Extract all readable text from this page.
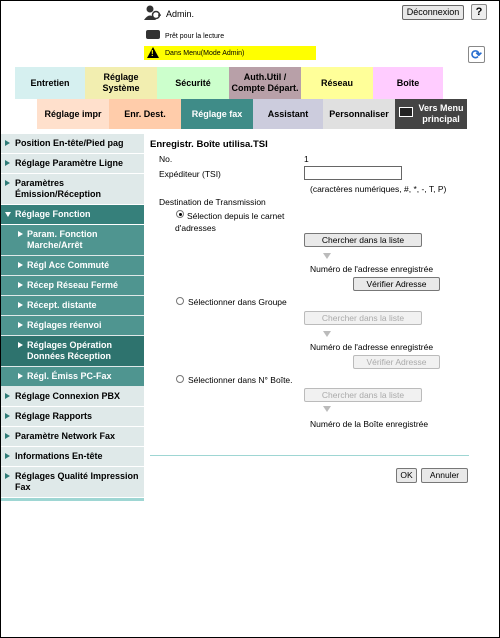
Admin.	Déconnexion	?
Prêt pour la lecture
!
Dans Menu(Mode Admin)	⟳
Entretien
Réglage Système
Sécurité
Auth.Util / Compte Départ.
Réseau	Boîte
Réglage impr	Enr. Dest.	Réglage fax	Assistant	Personnaliser
Vers Menu principal
Position En-tête/Pied pag
Réglage Paramètre Ligne
Paramètres Émission/Réception
Réglage Fonction
Param. Fonction Marche/Arrêt
Régl Acc Commuté
Récep Réseau Fermé
Récept. distante
Réglages réenvoi
Réglages Opération Données Réception
Régl. Émiss PC-Fax
Réglage Connexion PBX
Réglage Rapports
Paramètre Network Fax
Informations En-tête
Réglages Qualité Impression Fax
Enregistr. Boîte utilisa.TSI
No.	1
Expéditeur (TSI)
(caractères numériques, #, *, -, T, P)
Destination de Transmission
Sélection depuis le carnet d'adresses
Chercher dans la liste
Numéro de l'adresse enregistrée
Vérifier Adresse
Sélectionner dans Groupe
Chercher dans la liste
Numéro de l'adresse enregistrée
Vérifier Adresse
Sélectionner dans N° Boîte.
Chercher dans la liste
Numéro de la Boîte enregistrée
OK	Annuler
